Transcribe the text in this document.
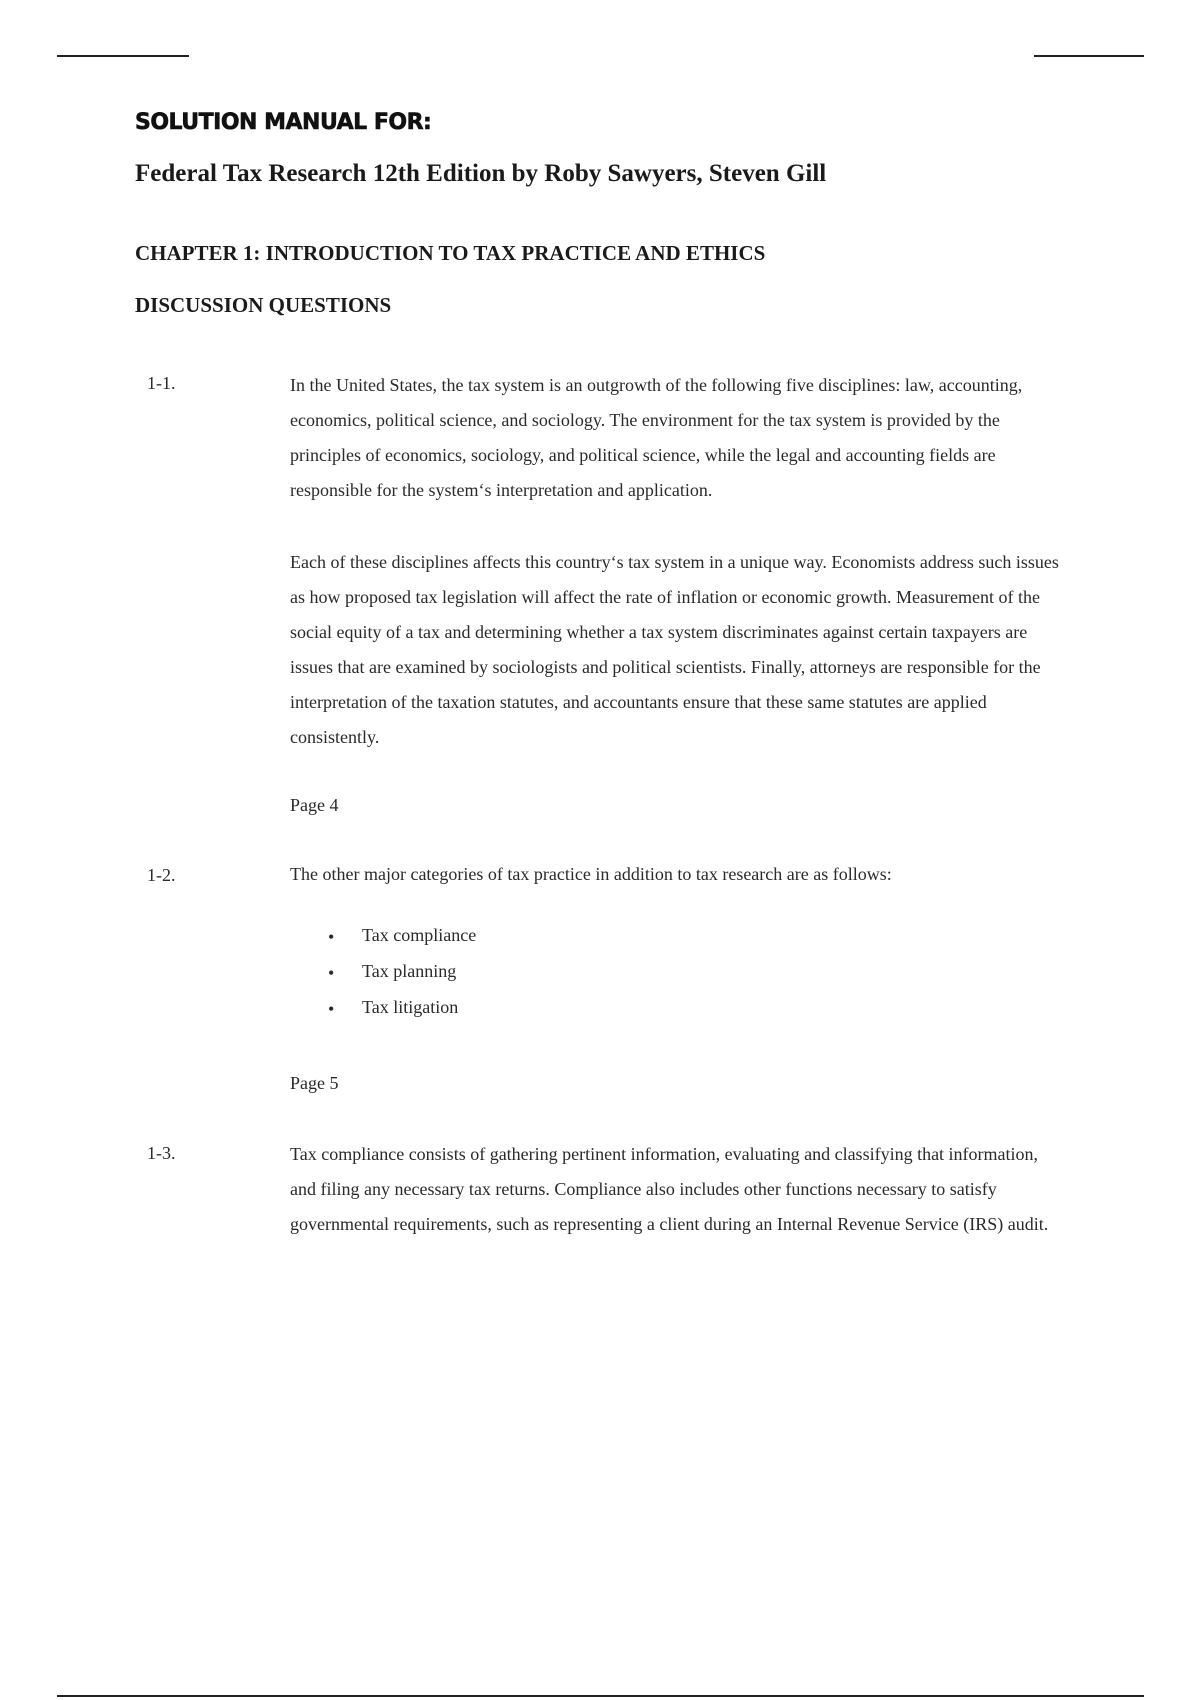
SOLUTION MANUAL FOR:
Federal Tax Research 12th Edition by Roby Sawyers, Steven Gill
CHAPTER 1: INTRODUCTION TO TAX PRACTICE AND ETHICS
DISCUSSION QUESTIONS
1-1.	In the United States, the tax system is an outgrowth of the following five disciplines: law, accounting, economics, political science, and sociology. The environment for the tax system is provided by the principles of economics, sociology, and political science, while the legal and accounting fields are responsible for the system‘s interpretation and application.

Each of these disciplines affects this country‘s tax system in a unique way. Economists address such issues as how proposed tax legislation will affect the rate of inflation or economic growth. Measurement of the social equity of a tax and determining whether a tax system discriminates against certain taxpayers are issues that are examined by sociologists and political scientists. Finally, attorneys are responsible for the interpretation of the taxation statutes, and accountants ensure that these same statutes are applied consistently.

Page 4
1-2.	The other major categories of tax practice in addition to tax research are as follows:

• Tax compliance
• Tax planning
• Tax litigation
Page 5
1-3.	Tax compliance consists of gathering pertinent information, evaluating and classifying that information, and filing any necessary tax returns. Compliance also includes other functions necessary to satisfy governmental requirements, such as representing a client during an Internal Revenue Service (IRS) audit.
